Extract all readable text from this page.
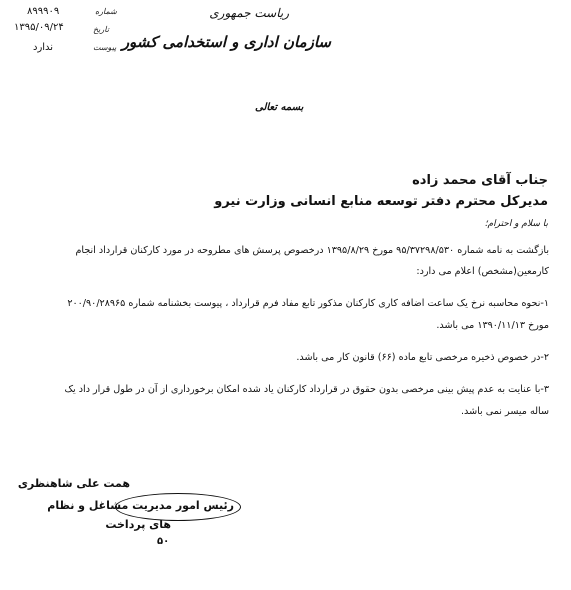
شماره
۸۹۹۹۰۹
تاریخ
۱۳۹۵/۰۹/۲۴
پیوست
ندارد
ریاست جمهوری
سازمان اداری و استخدامی کشور
بسمه تعالی
جناب آقای محمد زاده
مدیرکل محترم دفتر توسعه منابع انسانی وزارت نیرو
با سلام و احترام؛
بازگشت به نامه شماره ۹۵/۳۷۲۹۸/۵۳۰ مورخ ۱۳۹۵/۸/۲۹ درخصوص پرسش های مطروحه در مورد کارکنان قرارداد انجام
کارمعین(مشخص) اعلام می دارد:
۱-نحوه محاسبه نرخ یک ساعت اضافه کاری کارکنان مذکور تابع مفاد فرم قرارداد ، پیوست بخشنامه شماره ۲۰۰/۹۰/۲۸۹۶۵
مورخ ۱۳۹۰/۱۱/۱۳ می باشد.
۲-در خصوص ذخیره مرخصی تابع ماده (۶۶) قانون کار می باشد.
۳-با عنایت به عدم پیش بینی مرخصی بدون حقوق در قرارداد کارکنان یاد شده امکان برخورداری از آن در طول قرار داد یک
ساله میسر نمی باشد.
همت علی شاهنظری
رئیس امور مدیریت مشاغل و نظام
های پرداخت
۵۰
